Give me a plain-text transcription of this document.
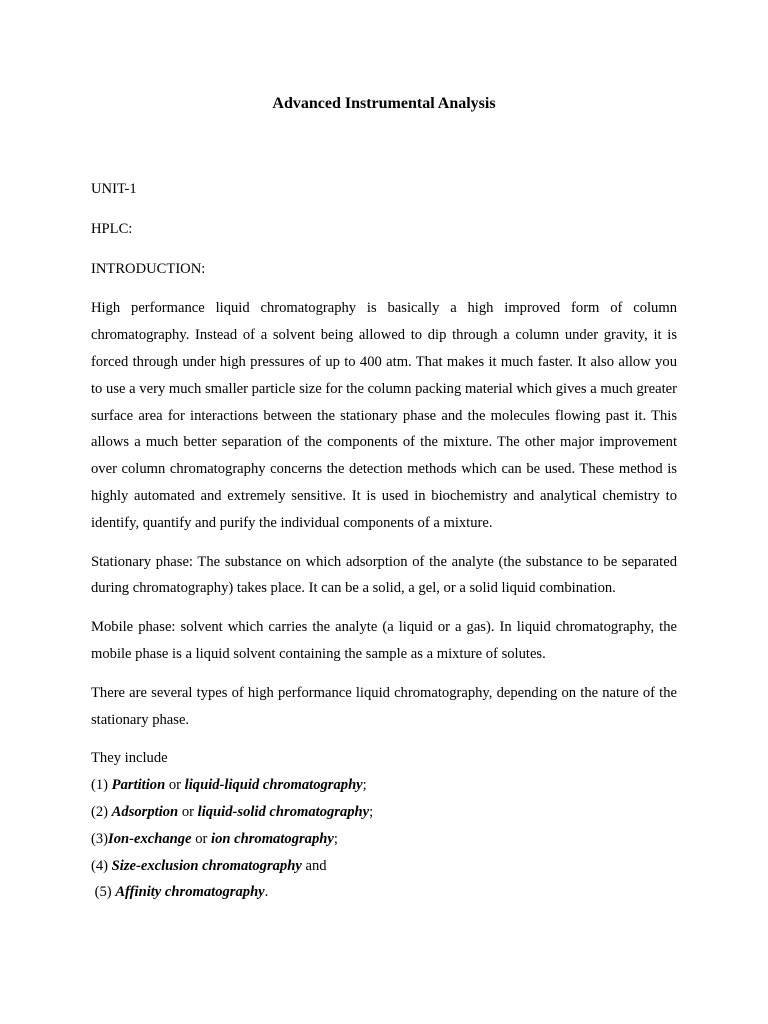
Advanced Instrumental Analysis

UNIT-1

HPLC:

INTRODUCTION:

High performance liquid chromatography is basically a high improved form of column chromatography. Instead of a solvent being allowed to dip through a column under gravity, it is forced through under high pressures of up to 400 atm. That makes it much faster. It also allow you to use a very much smaller particle size for the column packing material which gives a much greater surface area for interactions between the stationary phase and the molecules flowing past it. This allows a much better separation of the components of the mixture. The other major improvement over column chromatography concerns the detection methods which can be used. These method is highly automated and extremely sensitive. It is used in biochemistry and analytical chemistry to identify, quantify and purify the individual components of a mixture.

Stationary phase: The substance on which adsorption of the analyte (the substance to be separated during chromatography) takes place. It can be a solid, a gel, or a solid liquid combination.

Mobile phase: solvent which carries the analyte (a liquid or a gas). In liquid chromatography, the mobile phase is a liquid solvent containing the sample as a mixture of solutes.

There are several types of high performance liquid chromatography, depending on the nature of the stationary phase.

They include

(1) Partition or liquid-liquid chromatography;

(2) Adsorption or liquid-solid chromatography;

(3)Ion-exchange or ion chromatography;

(4) Size-exclusion chromatography and

(5) Affinity chromatography.
